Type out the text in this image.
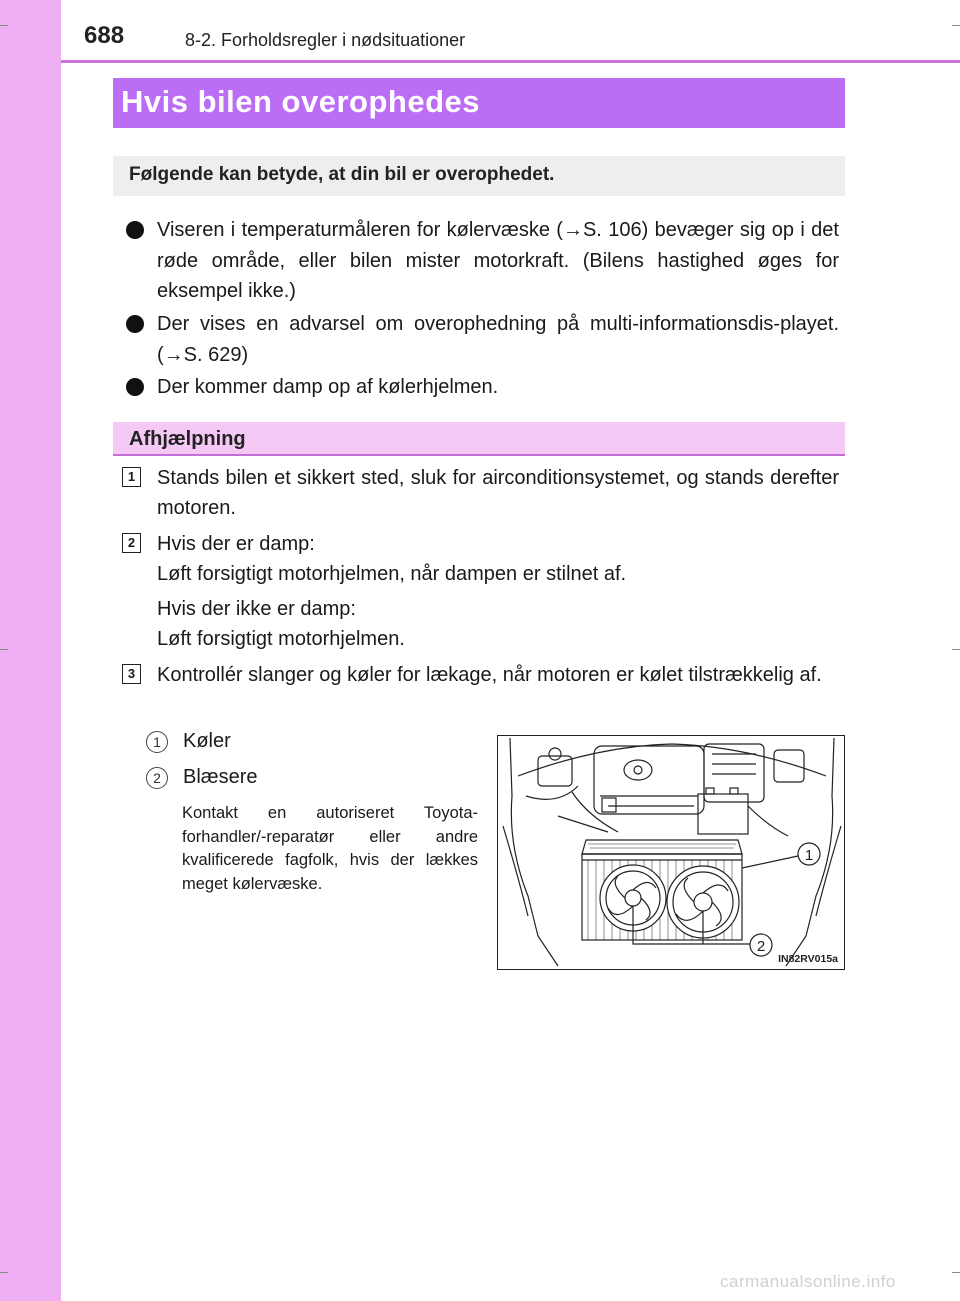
688	8-2. Forholdsregler i nødsituationer
Hvis bilen overophedes
Følgende kan betyde, at din bil er overophedet.
Viseren i temperaturmåleren for kølervæske (→S. 106) bevæger sig op i det røde område, eller bilen mister motorkraft. (Bilens hastighed øges for eksempel ikke.)
Der vises en advarsel om overophedning på multi-informationsdis-playet. (→S. 629)
Der kommer damp op af kølerhjelmen.
Afhjælpning
1 Stands bilen et sikkert sted, sluk for airconditionsystemet, og stands derefter motoren.
2 Hvis der er damp:
Løft forsigtigt motorhjelmen, når dampen er stilnet af.
Hvis der ikke er damp:
Løft forsigtigt motorhjelmen.
3 Kontrollér slanger og køler for lækage, når motoren er kølet tilstrækkelig af.
1	Køler
2	Blæsere
Kontakt en autoriseret Toyota-forhandler/-reparatør eller andre kvalificerede fagfolk, hvis der lækkes meget kølervæske.
1
2
IN82RV015a
carmanualsonline.info
